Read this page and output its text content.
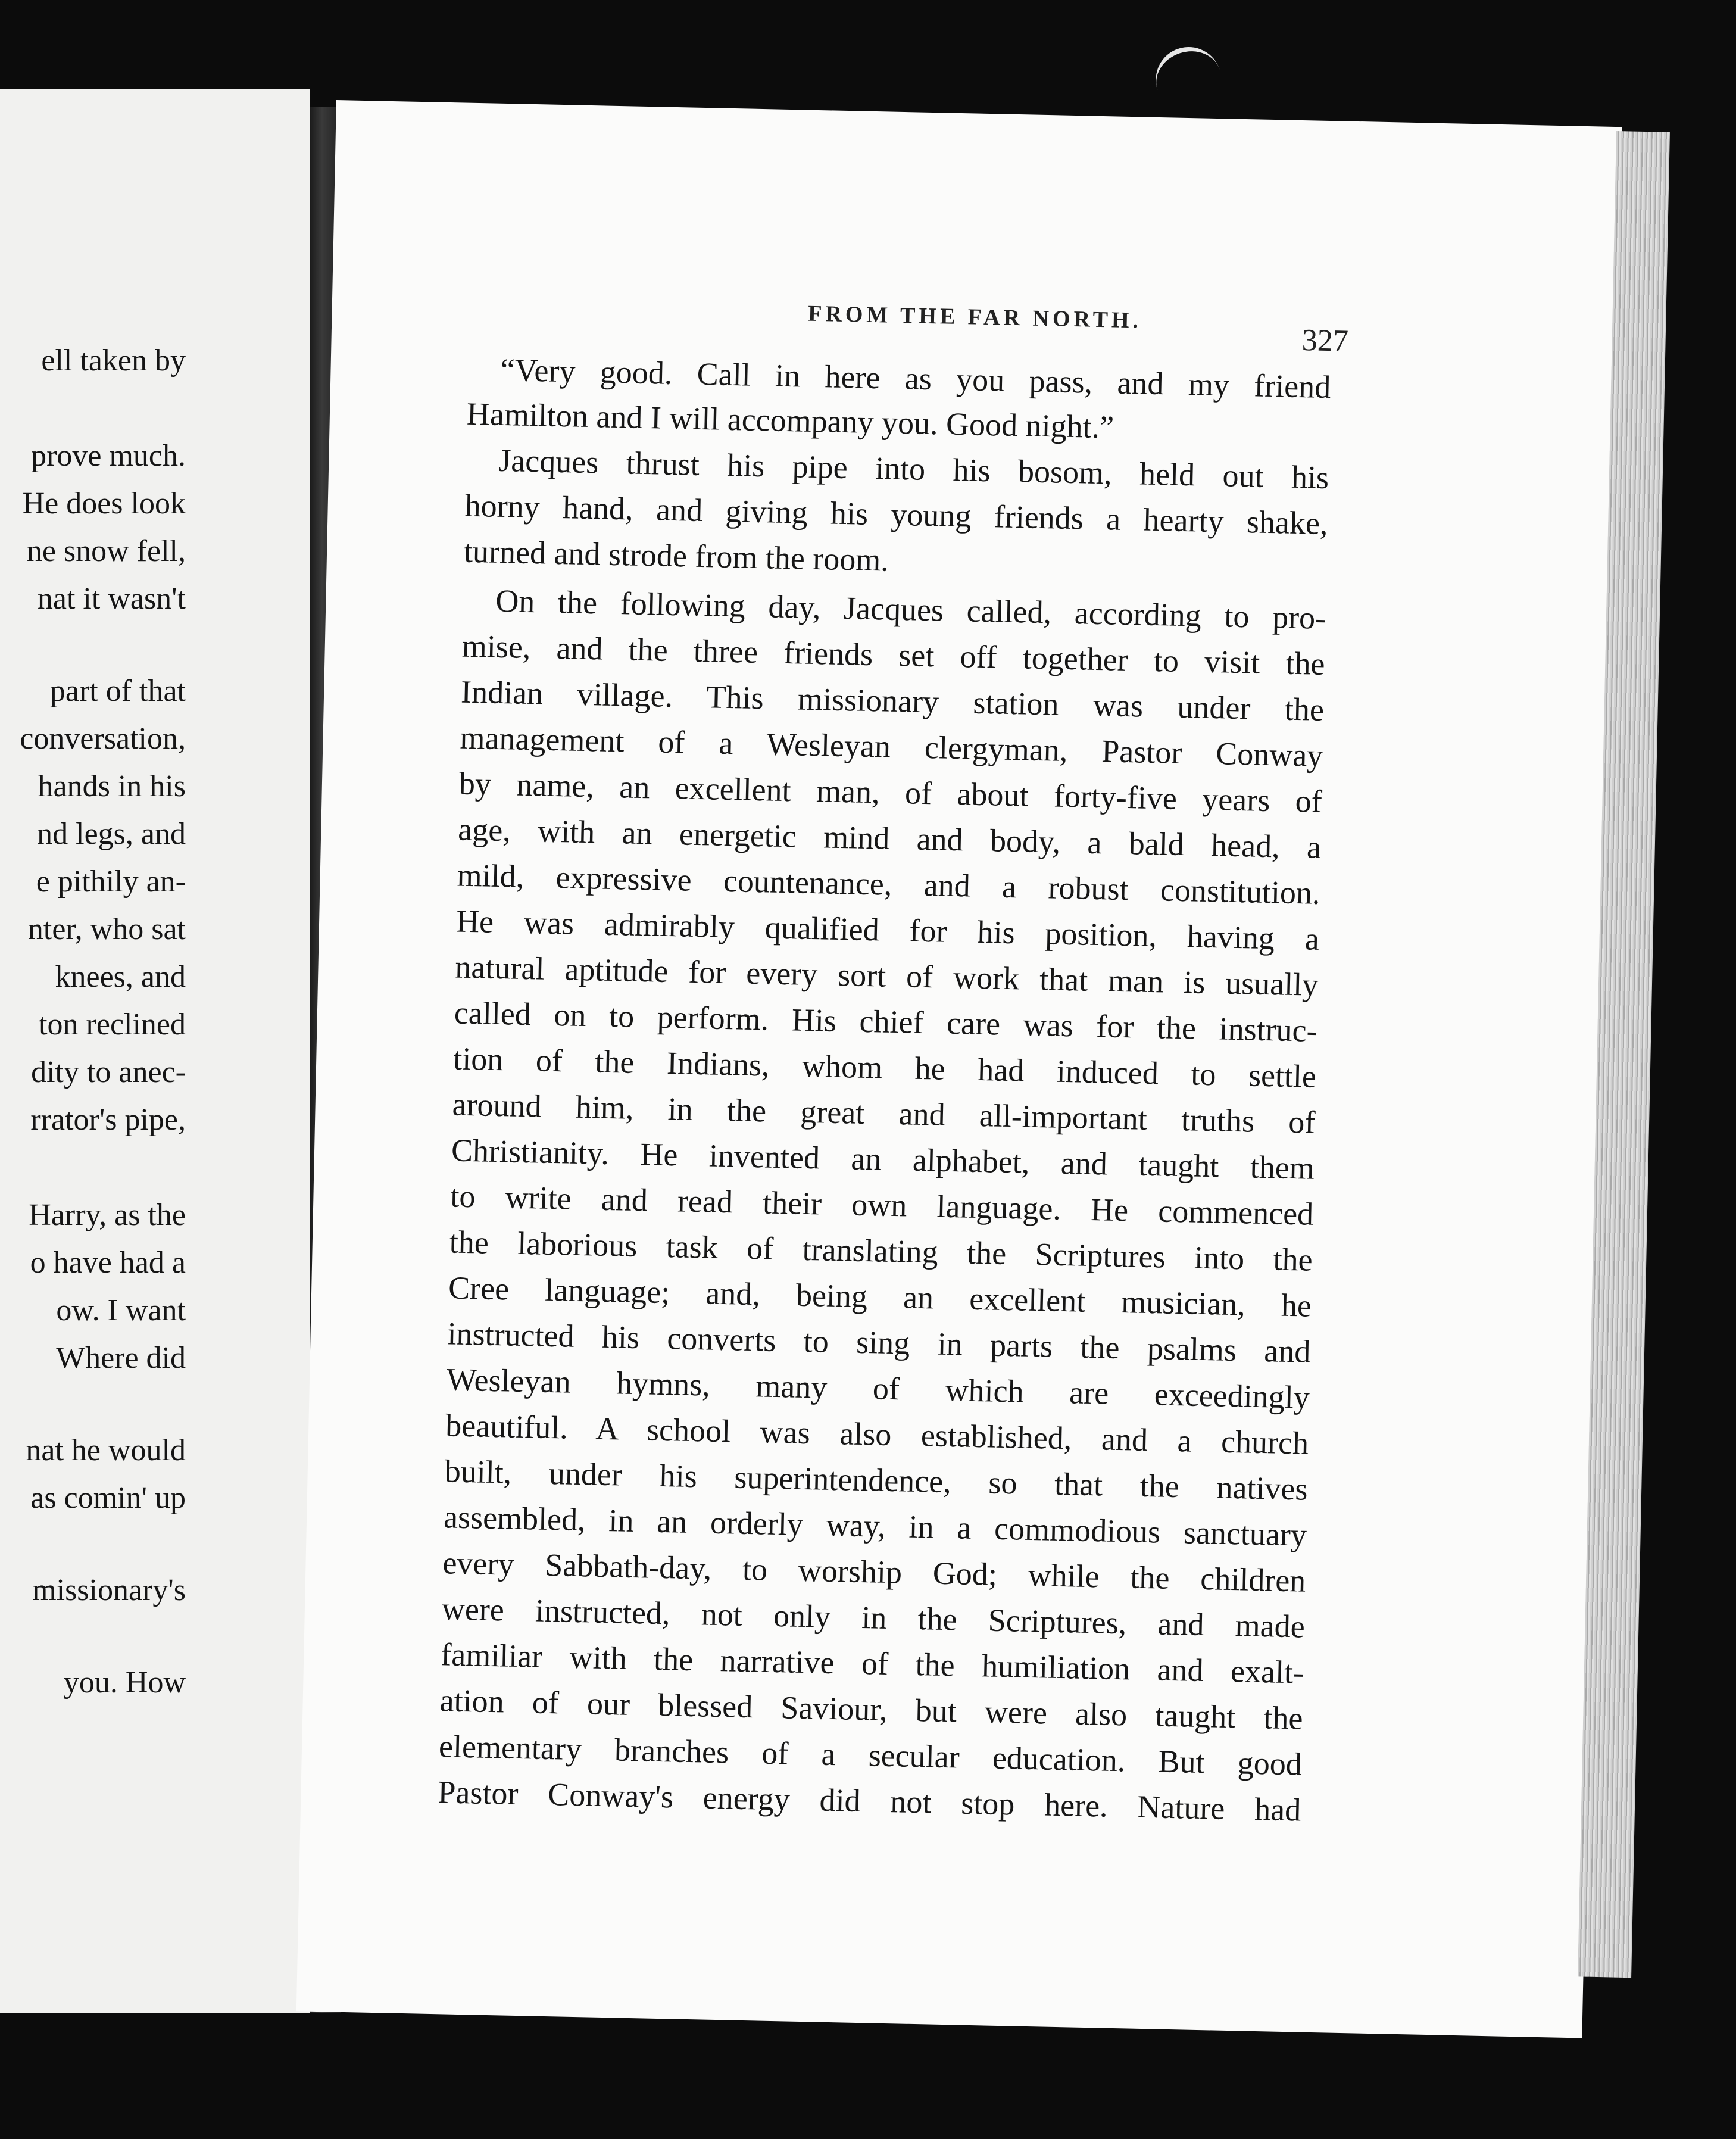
ell taken by
prove much.
He does look
ne snow fell,
nat it wasn't
part of that
conversation,
hands in his
nd legs, and
e pithily an-
nter, who sat
knees, and
ton reclined
dity to anec-
rrator's pipe,
Harry, as the
o have had a
ow. I want
Where did
nat he would
as comin' up
missionary's
you. How
FROM THE FAR NORTH.
327
“Very good. Call in here as you pass, and my friend
Hamilton and I will accompany you. Good night.”
Jacques thrust his pipe into his bosom, held out his
horny hand, and giving his young friends a hearty shake,
turned and strode from the room.
On the following day, Jacques called, according to pro-
mise, and the three friends set off together to visit the
Indian village. This missionary station was under the
management of a Wesleyan clergyman, Pastor Conway
by name, an excellent man, of about forty-five years of
age, with an energetic mind and body, a bald head, a
mild, expressive countenance, and a robust constitution.
He was admirably qualified for his position, having a
natural aptitude for every sort of work that man is usually
called on to perform. His chief care was for the instruc-
tion of the Indians, whom he had induced to settle
around him, in the great and all-important truths of
Christianity. He invented an alphabet, and taught them
to write and read their own language. He commenced
the laborious task of translating the Scriptures into the
Cree language; and, being an excellent musician, he
instructed his converts to sing in parts the psalms and
Wesleyan hymns, many of which are exceedingly
beautiful. A school was also established, and a church
built, under his superintendence, so that the natives
assembled, in an orderly way, in a commodious sanctuary
every Sabbath-day, to worship God; while the children
were instructed, not only in the Scriptures, and made
familiar with the narrative of the humiliation and exalt-
ation of our blessed Saviour, but were also taught the
elementary branches of a secular education. But good
Pastor Conway's energy did not stop here. Nature had
